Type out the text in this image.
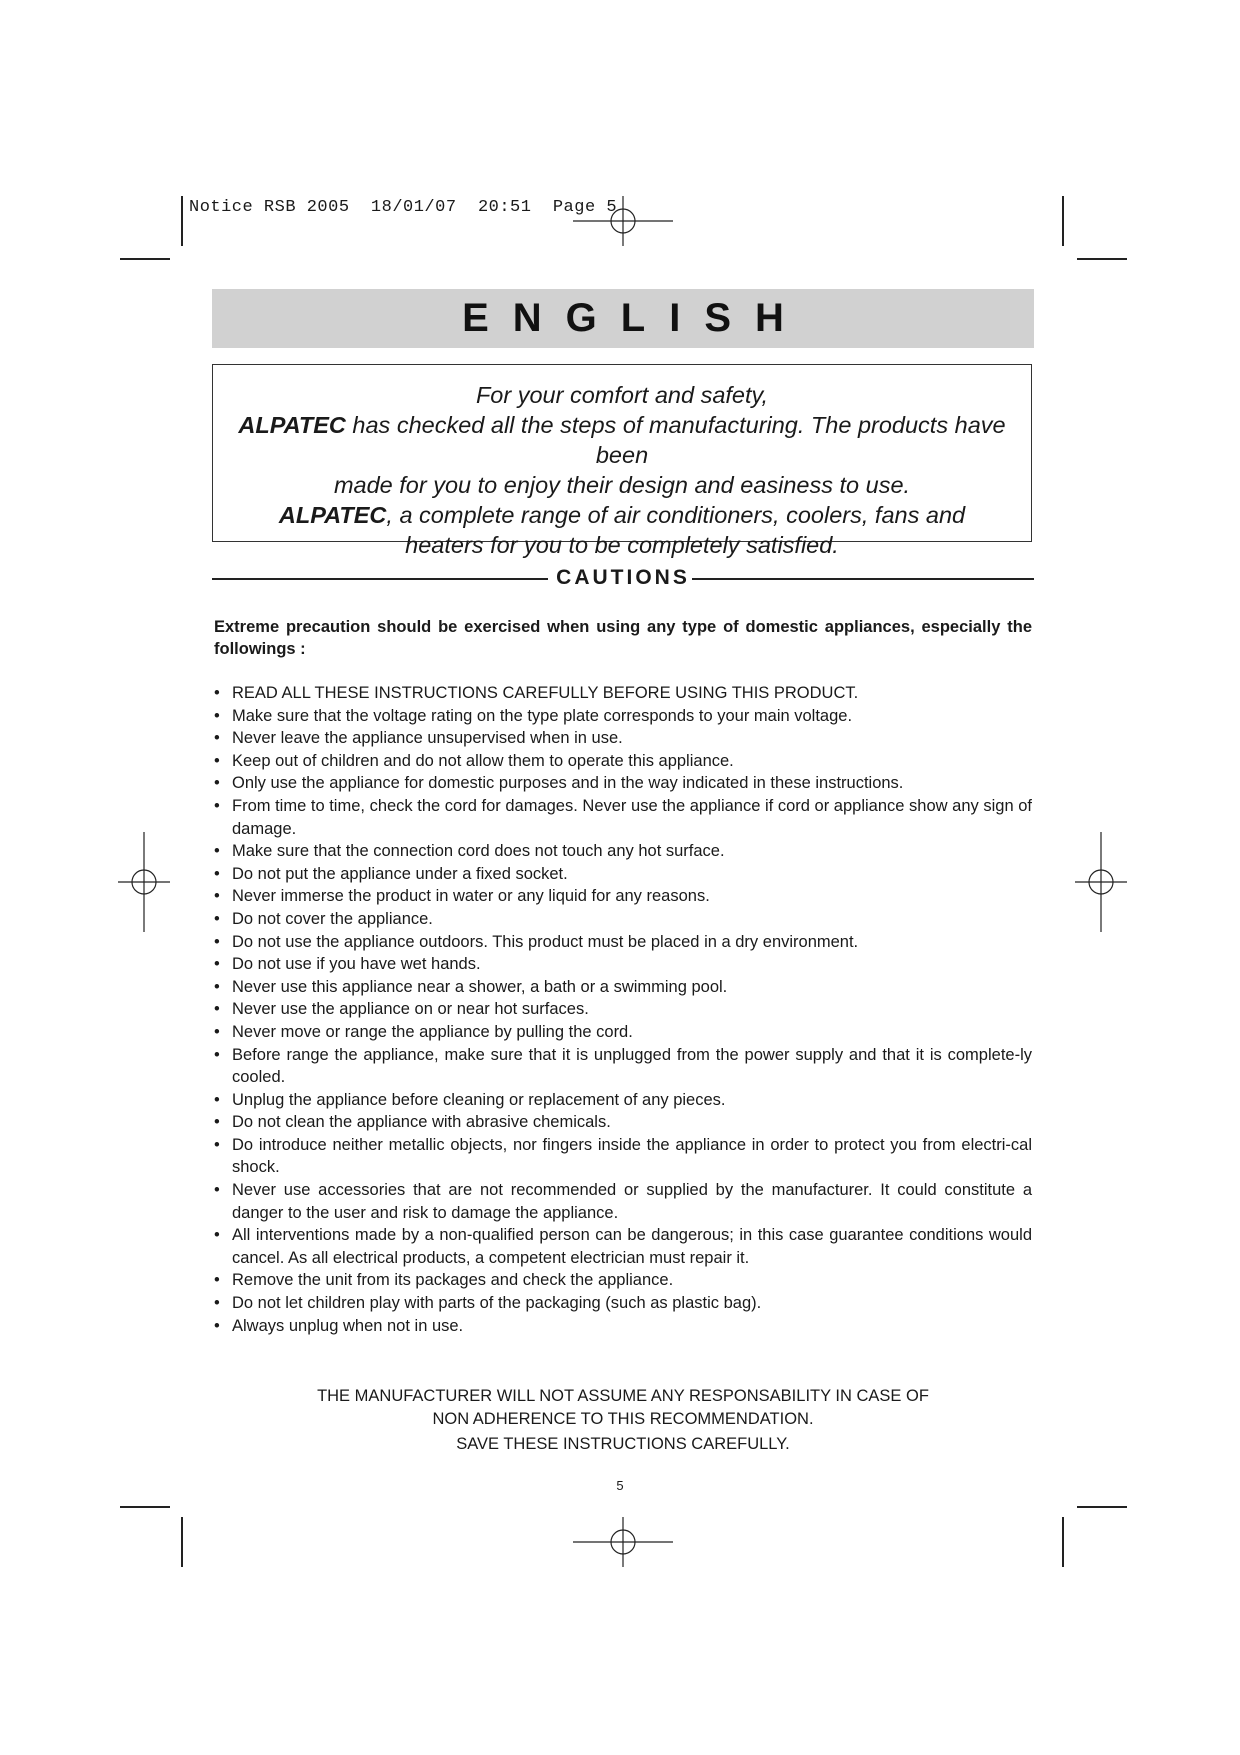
Notice RSB 2005  18/01/07  20:51  Page 5
ENGLISH
For your comfort and safety,
ALPATEC has checked all the steps of manufacturing. The products have been
made for you to enjoy their design and easiness to use.
ALPATEC, a complete range of air conditioners, coolers, fans and
heaters for you to be completely satisfied.
CAUTIONS
Extreme precaution should be exercised when using any type of domestic appliances, especially the followings :
• READ ALL THESE INSTRUCTIONS CAREFULLY BEFORE USING THIS PRODUCT.
• Make sure that the voltage rating on the type plate corresponds to your main voltage.
• Never leave the appliance unsupervised when in use.
• Keep out of children and do not allow them to operate this appliance.
• Only use the appliance for domestic purposes and in the way indicated in these instructions.
• From time to time, check the cord for damages. Never use the appliance if cord or appliance show any sign of damage.
• Make sure that the connection cord does not touch any hot surface.
• Do not put the appliance under a fixed socket.
• Never immerse the product in water or any liquid for any reasons.
• Do not cover the appliance.
• Do not use the appliance outdoors. This product must be placed in a dry environment.
• Do not use if you have wet hands.
• Never use this appliance near a shower, a bath or a swimming pool.
• Never use the appliance on or near hot surfaces.
• Never move or range the appliance by pulling the cord.
• Before range the appliance, make sure that it is unplugged from the power supply and that it is complete-ly cooled.
• Unplug the appliance before cleaning or replacement of any pieces.
• Do not clean the appliance with abrasive chemicals.
• Do introduce neither metallic objects, nor fingers inside the appliance in order to protect you from electri-cal shock.
• Never use accessories that are not recommended or supplied by the manufacturer. It could constitute a danger to the user and risk to damage the appliance.
• All interventions made by a non-qualified person can be dangerous; in this case guarantee conditions would cancel. As all electrical products, a competent electrician must repair it.
• Remove the unit from its packages and check the appliance.
• Do not let children play with parts of the packaging (such as plastic bag).
• Always unplug when not in use.
THE MANUFACTURER WILL NOT ASSUME ANY RESPONSABILITY IN CASE OF
NON ADHERENCE TO THIS RECOMMENDATION.
SAVE THESE INSTRUCTIONS CAREFULLY.
5
